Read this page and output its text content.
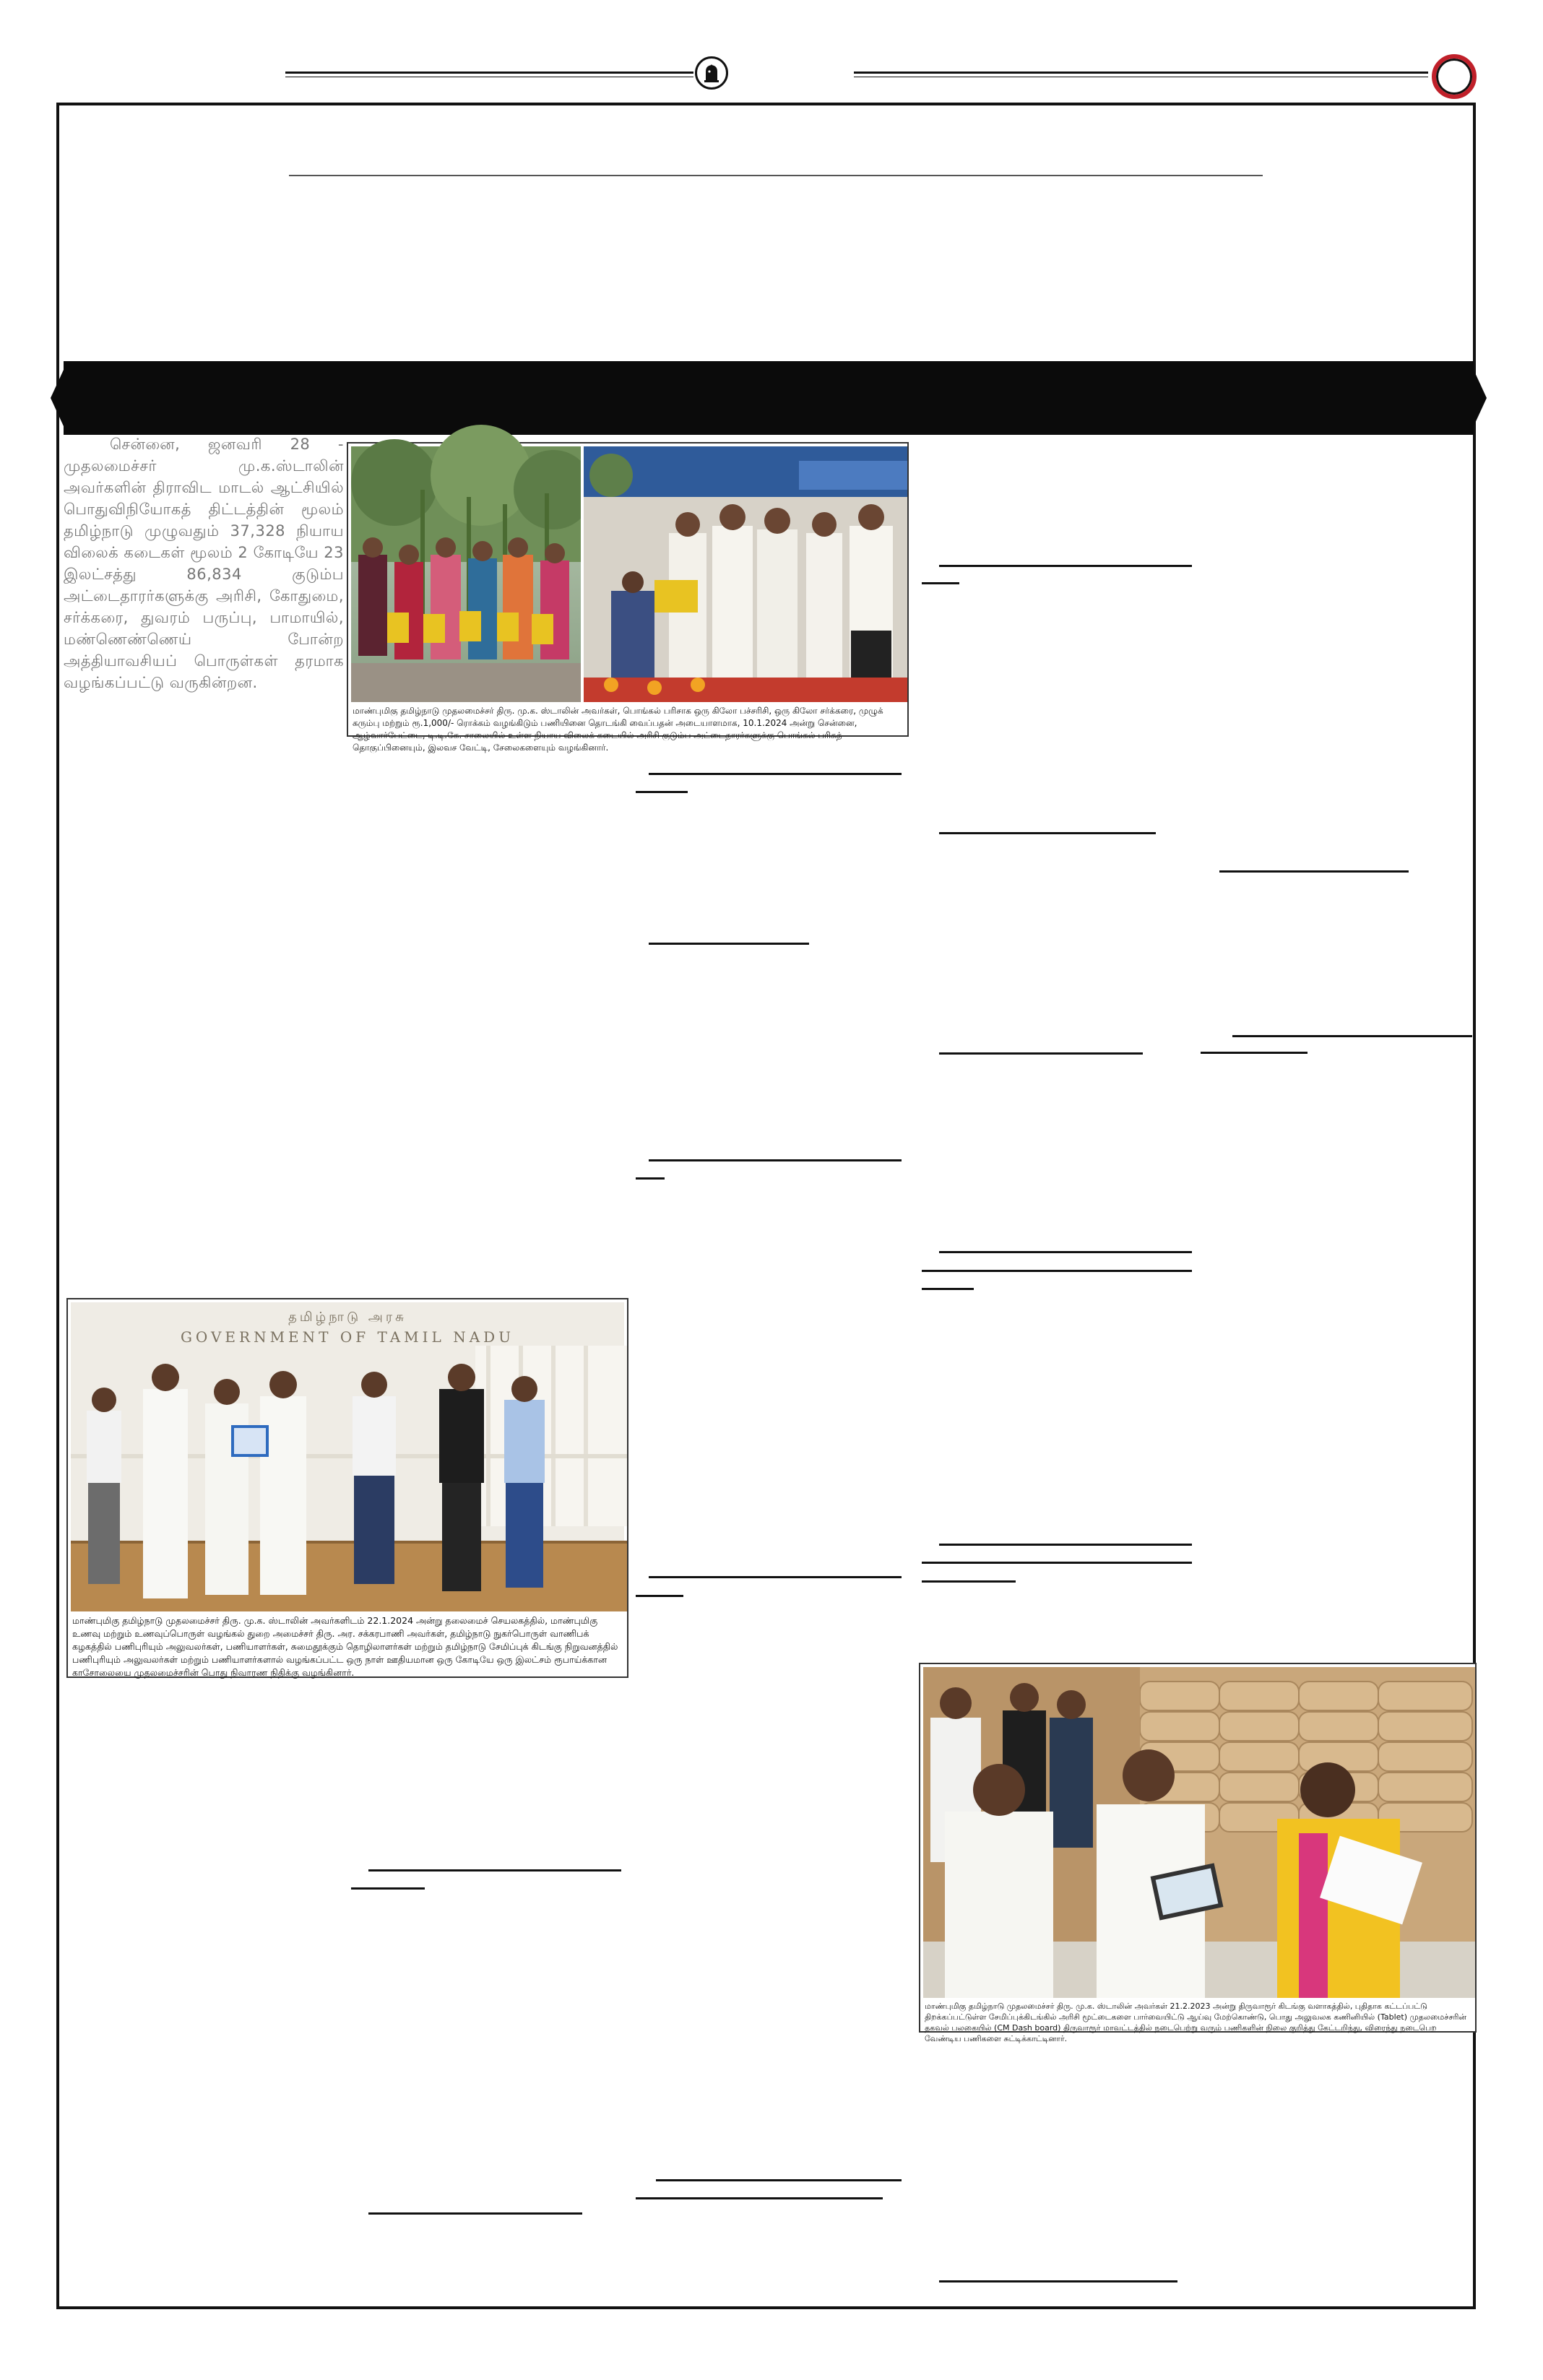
சென்னை, ஜனவரி 28 - முதலமைச்சர் மு.க.ஸ்டாலின் அவர்களின் திராவிட மாடல் ஆட்சியில் பொதுவிநியோகத் திட்டத்தின் மூலம் தமிழ்நாடு முழுவதும் 37,328 நியாய விலைக் கடைகள் மூலம் 2 கோடியே 23 இலட்சத்து 86,834 குடும்ப அட்டைதாரர்களுக்கு அரிசி, கோதுமை, சர்க்கரை, துவரம் பருப்பு, பாமாயில், மண்ணெண்ணெய் போன்ற அத்தியாவசியப் பொருள்கள் தரமாக வழங்கப்பட்டு வருகின்றன.
மாண்புமிகு தமிழ்நாடு முதலமைச்சர் திரு. மு.க. ஸ்டாலின் அவர்கள், பொங்கல் பரிசாக ஒரு கிலோ பச்சரிசி, ஒரு கிலோ சர்க்கரை, முழுக் கரும்பு மற்றும் ரூ.1,000/- ரொக்கம் வழங்கிடும் பணியினை தொடங்கி வைப்பதன் அடையாளமாக, 10.1.2024 அன்று சென்னை, ஆழ்வார்பேட்டை, டி.டி.கே. சாலையில் உள்ள நியாய விலைக் கடையில் அரிசி குடும்ப அட்டைதாரர்களுக்கு பொங்கல் பரிசுத் தொகுப்பினையும், இலவச வேட்டி, சேலைகளையும் வழங்கினார்.
தமிழ்நாடு அரசு
GOVERNMENT OF TAMIL NADU
மாண்புமிகு தமிழ்நாடு முதலமைச்சர் திரு. மு.க. ஸ்டாலின் அவர்களிடம் 22.1.2024 அன்று தலைமைச் செயலகத்தில், மாண்புமிகு உணவு மற்றும் உணவுப்பொருள் வழங்கல் துறை அமைச்சர் திரு. அர. சக்கரபாணி அவர்கள், தமிழ்நாடு நுகர்பொருள் வாணிபக் கழகத்தில் பணிபுரியும் அலுவலர்கள், பணியாளர்கள், சுமைதூக்கும் தொழிலாளர்கள் மற்றும் தமிழ்நாடு சேமிப்புக் கிடங்கு நிறுவனத்தில் பணிபுரியும் அலுவலர்கள் மற்றும் பணியாளர்களால் வழங்கப்பட்ட ஒரு நாள் ஊதியமான ஒரு கோடியே ஒரு இலட்சம் ரூபாய்க்கான காசோலையை முதலமைச்சரின் பொது நிவாரண நிதிக்கு வழங்கினார்.
மாண்புமிகு தமிழ்நாடு முதலமைச்சர் திரு. மு.க. ஸ்டாலின் அவர்கள் 21.2.2023 அன்று திருவாரூர் கிடங்கு வளாகத்தில், புதிதாக கட்டப்பட்டு திறக்கப்பட்டுள்ள சேமிப்புக்கிடங்கில் அரிசி மூட்டைகளை பார்வையிட்டு ஆய்வு மேற்கொண்டு, பொது அலுவலக கணினியில் (Tablet) முதலமைச்சரின் தகவல் பலகையில் (CM Dash board) திருவாரூர் மாவட்டத்தில் நடைபெற்று வரும் பணிகளின் நிலை குறித்து கேட்டறிந்து, விரைந்து நடைபெற வேண்டிய பணிகளை சுட்டிக்காட்டினார்.
